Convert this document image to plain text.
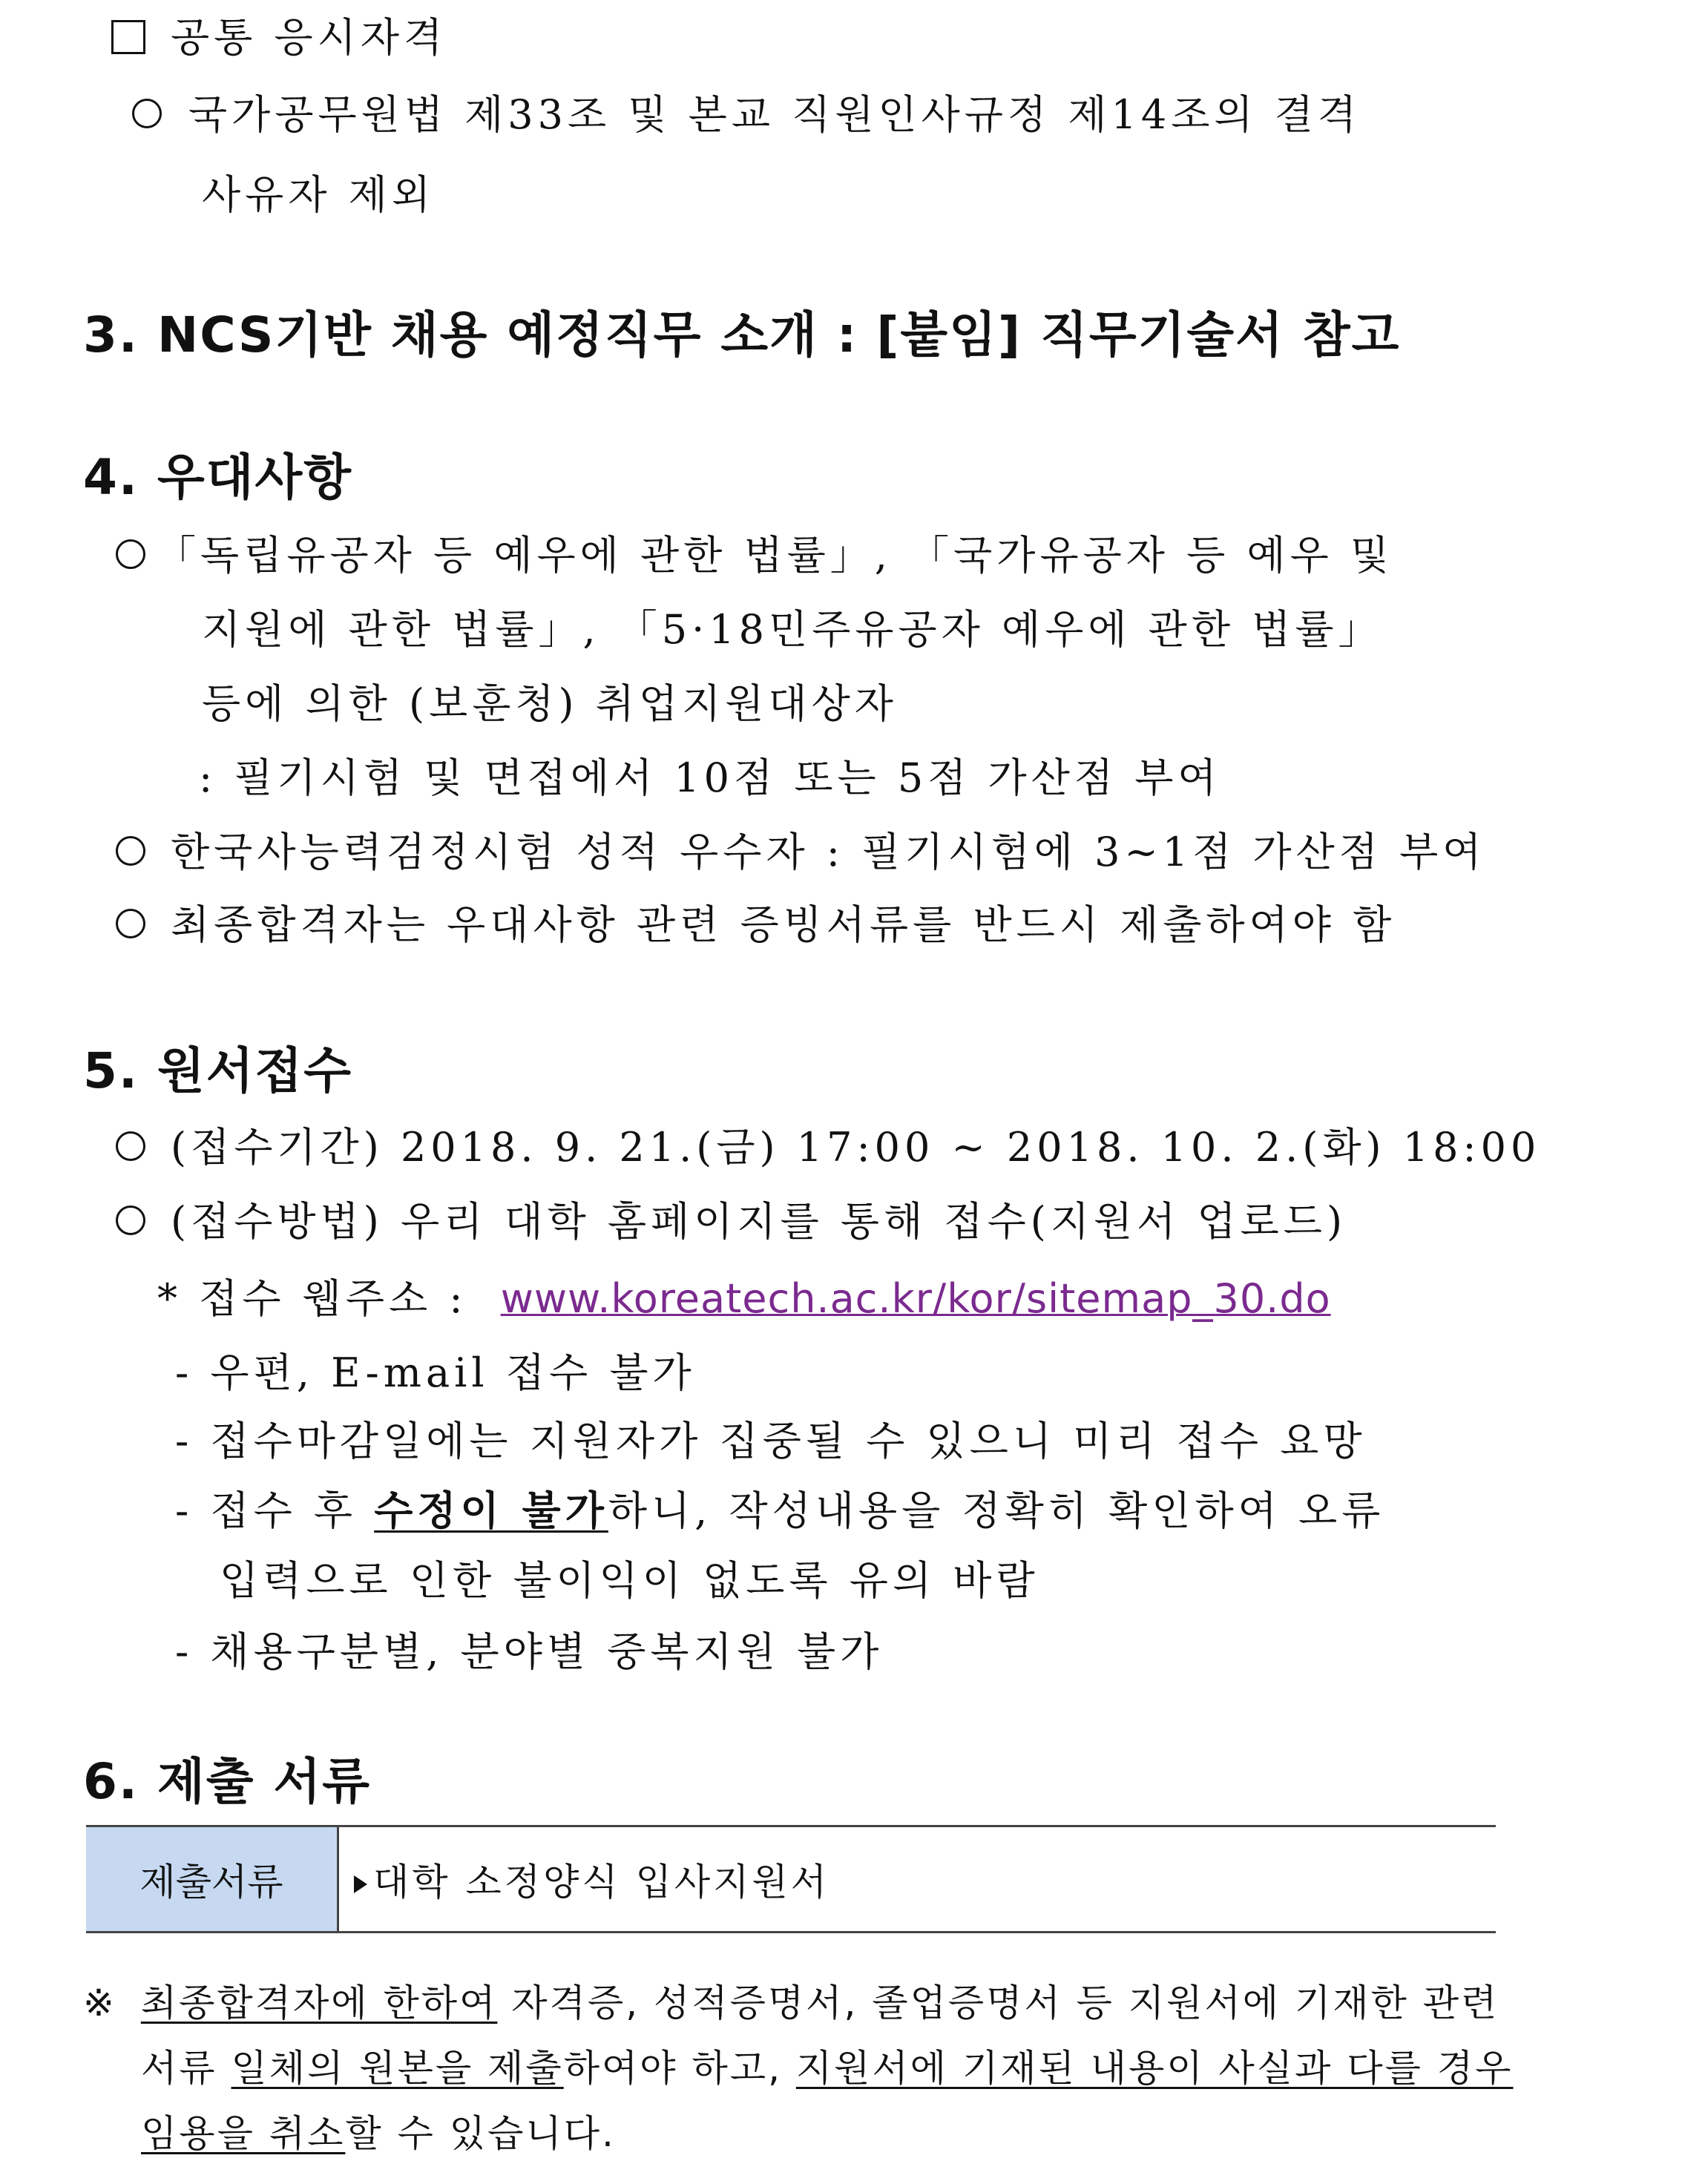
공통 응시자격
국가공무원법 제33조 및 본교 직원인사규정 제14조의 결격
사유자 제외
3. NCS기반 채용 예정직무 소개 : [붙임] 직무기술서 참고
4. 우대사항
「독립유공자 등 예우에 관한 법률」, 「국가유공자 등 예우 및
지원에 관한 법률」, 「5·18민주유공자 예우에 관한 법률」
등에 의한 (보훈청) 취업지원대상자
: 필기시험 및 면접에서 10점 또는 5점 가산점 부여
한국사능력검정시험 성적 우수자 : 필기시험에 3~1점 가산점 부여
최종합격자는 우대사항 관련 증빙서류를 반드시 제출하여야 함
5. 원서접수
(접수기간) 2018. 9. 21.(금) 17:00 ~ 2018. 10. 2.(화) 18:00
(접수방법) 우리 대학 홈페이지를 통해 접수(지원서 업로드)
* 접수 웹주소 : www.koreatech.ac.kr/kor/sitemap_30.do
- 우편, E-mail 접수 불가
- 접수마감일에는 지원자가 집중될 수 있으니 미리 접수 요망
- 접수 후 수정이 불가하니, 작성내용을 정확히 확인하여 오류
입력으로 인한 불이익이 없도록 유의 바람
- 채용구분별, 분야별 중복지원 불가
6. 제출 서류
제출서류	대학 소정양식 입사지원서
※ 최종합격자에 한하여 자격증, 성적증명서, 졸업증명서 등 지원서에 기재한 관련
서류 일체의 원본을 제출하여야 하고, 지원서에 기재된 내용이 사실과 다를 경우
임용을 취소할 수 있습니다.
